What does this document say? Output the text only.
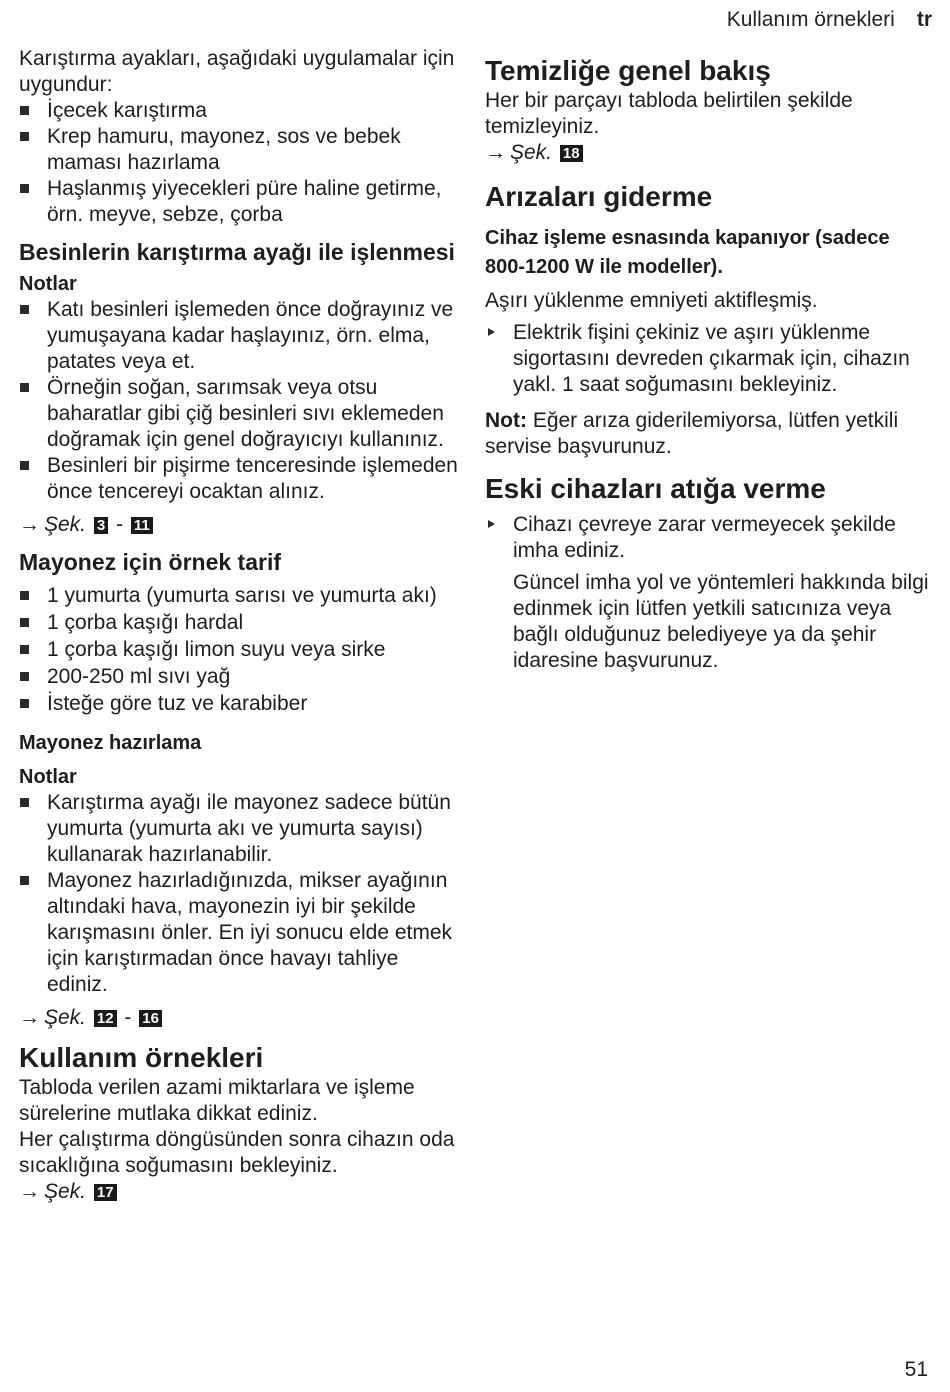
Kullanım örnekleri tr

Karıştırma ayakları, aşağıdaki uygulamalar için uygundur:

İçecek karıştırma
Krep hamuru, mayonez, sos ve bebek maması hazırlama
Haşlanmış yiyecekleri püre haline getirme, örn. meyve, sebze, çorba
Besinlerin karıştırma ayağı ile işlenmesi
Notlar
Katı besinleri işlemeden önce doğrayınız ve yumuşayana kadar haşlayınız, örn. elma, patates veya et.
Örneğin soğan, sarımsak veya otsu baharatlar gibi çiğ besinleri sıvı eklemeden doğramak için genel doğrayıcıyı kullanınız.
Besinleri bir pişirme tenceresinde işlemeden önce tencereyi ocaktan alınız.
→ Şek. 3 - 11
Mayonez için örnek tarif
1 yumurta (yumurta sarısı ve yumurta akı)
1 çorba kaşığı hardal
1 çorba kaşığı limon suyu veya sirke
200-250 ml sıvı yağ
İsteğe göre tuz ve karabiber
Mayonez hazırlama
Notlar
Karıştırma ayağı ile mayonez sadece bütün yumurta (yumurta akı ve yumurta sayısı) kullanarak hazırlanabilir.
Mayonez hazırladığınızda, mikser ayağının altındaki hava, mayonezin iyi bir şekilde karışmasını önler. En iyi sonucu elde etmek için karıştırmadan önce havayı tahliye ediniz.
→ Şek. 12 - 16
Kullanım örnekleri

Tabloda verilen azami miktarlara ve işleme sürelerine mutlaka dikkat ediniz.

Her çalıştırma döngüsünden sonra cihazın oda sıcaklığına soğumasını bekleyiniz.

→ Şek. 17
Temizliğe genel bakış

Her bir parçayı tabloda belirtilen şekilde temizleyiniz.

→ Şek. 18
Arızaları giderme
Cihaz işleme esnasında kapanıyor (sadece 800-1200 W ile modeller).

Aşırı yüklenme emniyeti aktifleşmiş.

Elektrik fişini çekiniz ve aşırı yüklenme sigortasını devreden çıkarmak için, cihazın yakl. 1 saat soğumasını bekleyiniz.

Not: Eğer arıza giderilemiyorsa, lütfen yetkili servise başvurunuz.

Eski cihazları atığa verme
Cihazı çevreye zarar vermeyecek şekilde imha ediniz.

Güncel imha yol ve yöntemleri hakkında bilgi edinmek için lütfen yetkili satıcınıza veya bağlı olduğunuz belediyeye ya da şehir idaresine başvurunuz.

51
